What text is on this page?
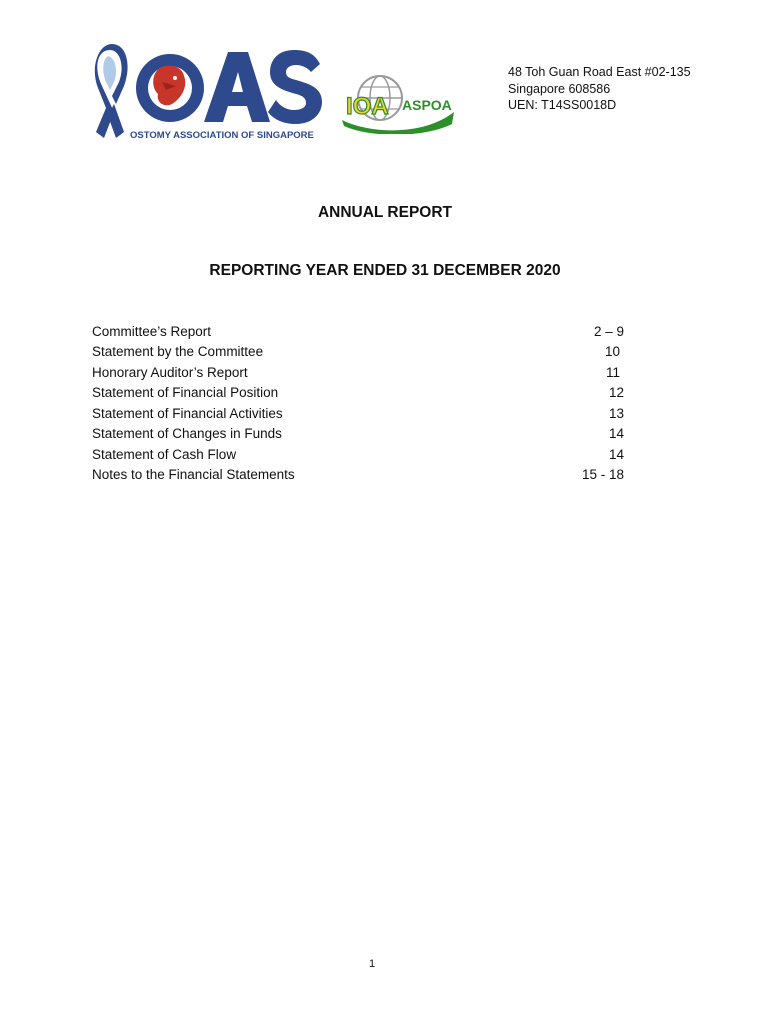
OSTOMY ASSOCIATION OF SINGAPORE
IOA ASPOA
48 Toh Guan Road East #02-135
Singapore 608586
UEN: T14SS0018D
ANNUAL REPORT
REPORTING YEAR ENDED 31 DECEMBER 2020
Committee’s Report	2 – 9
Statement by the Committee	10
Honorary Auditor’s Report	11
Statement of Financial Position	12
Statement of Financial Activities	13
Statement of Changes in Funds	14
Statement of Cash Flow	14
Notes to the Financial Statements	15 - 18
1
